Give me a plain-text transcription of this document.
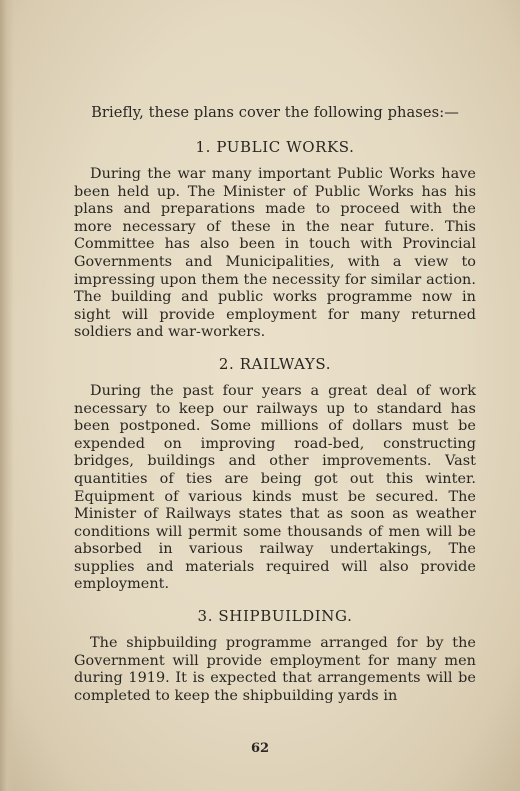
Briefly, these plans cover the following phases:—

1. PUBLIC WORKS.

During the war many important Public Works have been held up. The Minister of Public Works has his plans and preparations made to proceed with the more necessary of these in the near future. This Committee has also been in touch with Provincial Governments and Municipalities, with a view to impressing upon them the necessity for similar action. The building and public works programme now in sight will provide employment for many returned soldiers and war-workers.

2. RAILWAYS.

During the past four years a great deal of work necessary to keep our railways up to standard has been postponed. Some millions of dollars must be expended on improving road-bed, constructing bridges, buildings and other improvements. Vast quantities of ties are being got out this winter. Equipment of various kinds must be secured. The Minister of Railways states that as soon as weather conditions will permit some thousands of men will be absorbed in various railway undertakings, The supplies and materials required will also provide employment.

3. SHIPBUILDING.

The shipbuilding programme arranged for by the Government will provide employment for many men during 1919. It is expected that arrangements will be completed to keep the shipbuilding yards in

62
